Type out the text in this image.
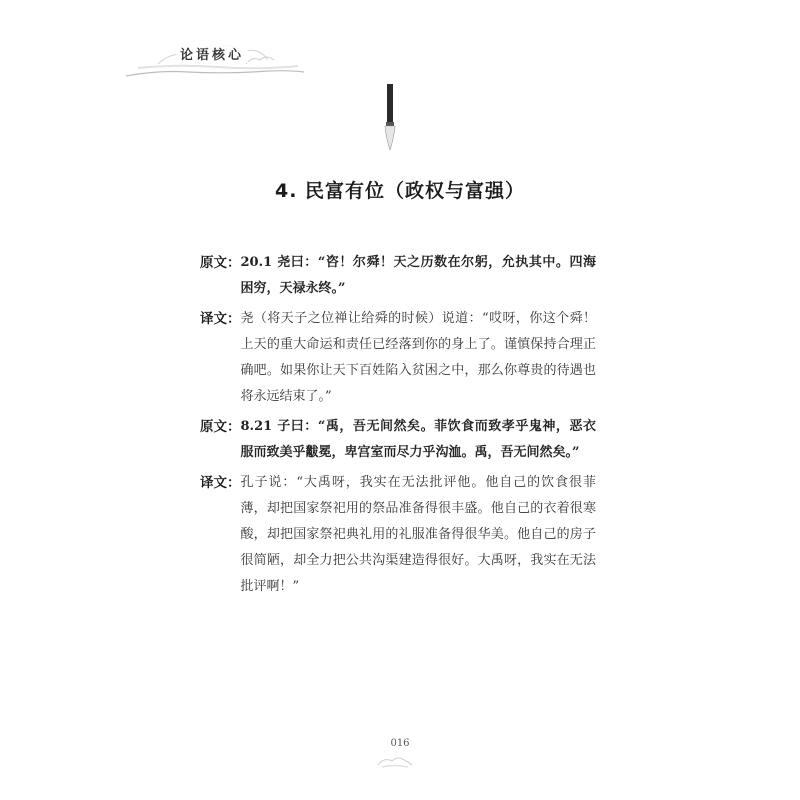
论语核心
4. 民富有位（政权与富强）
原文： 20.1 尧曰：“咨！尔舜！天之历数在尔躬，允执其中。四海困穷，天禄永终。”
译文： 尧（将天子之位禅让给舜的时候）说道：“哎呀，你这个舜！上天的重大命运和责任已经落到你的身上了。谨慎保持合理正确吧。如果你让天下百姓陷入贫困之中，那么你尊贵的待遇也将永远结束了。”
原文： 8.21 子曰：“禹，吾无间然矣。菲饮食而致孝乎鬼神，恶衣服而致美乎黻冕，卑宫室而尽力乎沟洫。禹，吾无间然矣。”
译文： 孔子说：“大禹呀，我实在无法批评他。他自己的饮食很菲薄，却把国家祭祀用的祭品准备得很丰盛。他自己的衣着很寒酸，却把国家祭祀典礼用的礼服准备得很华美。他自己的房子很简陋，却全力把公共沟渠建造得很好。大禹呀，我实在无法批评啊！”
016
